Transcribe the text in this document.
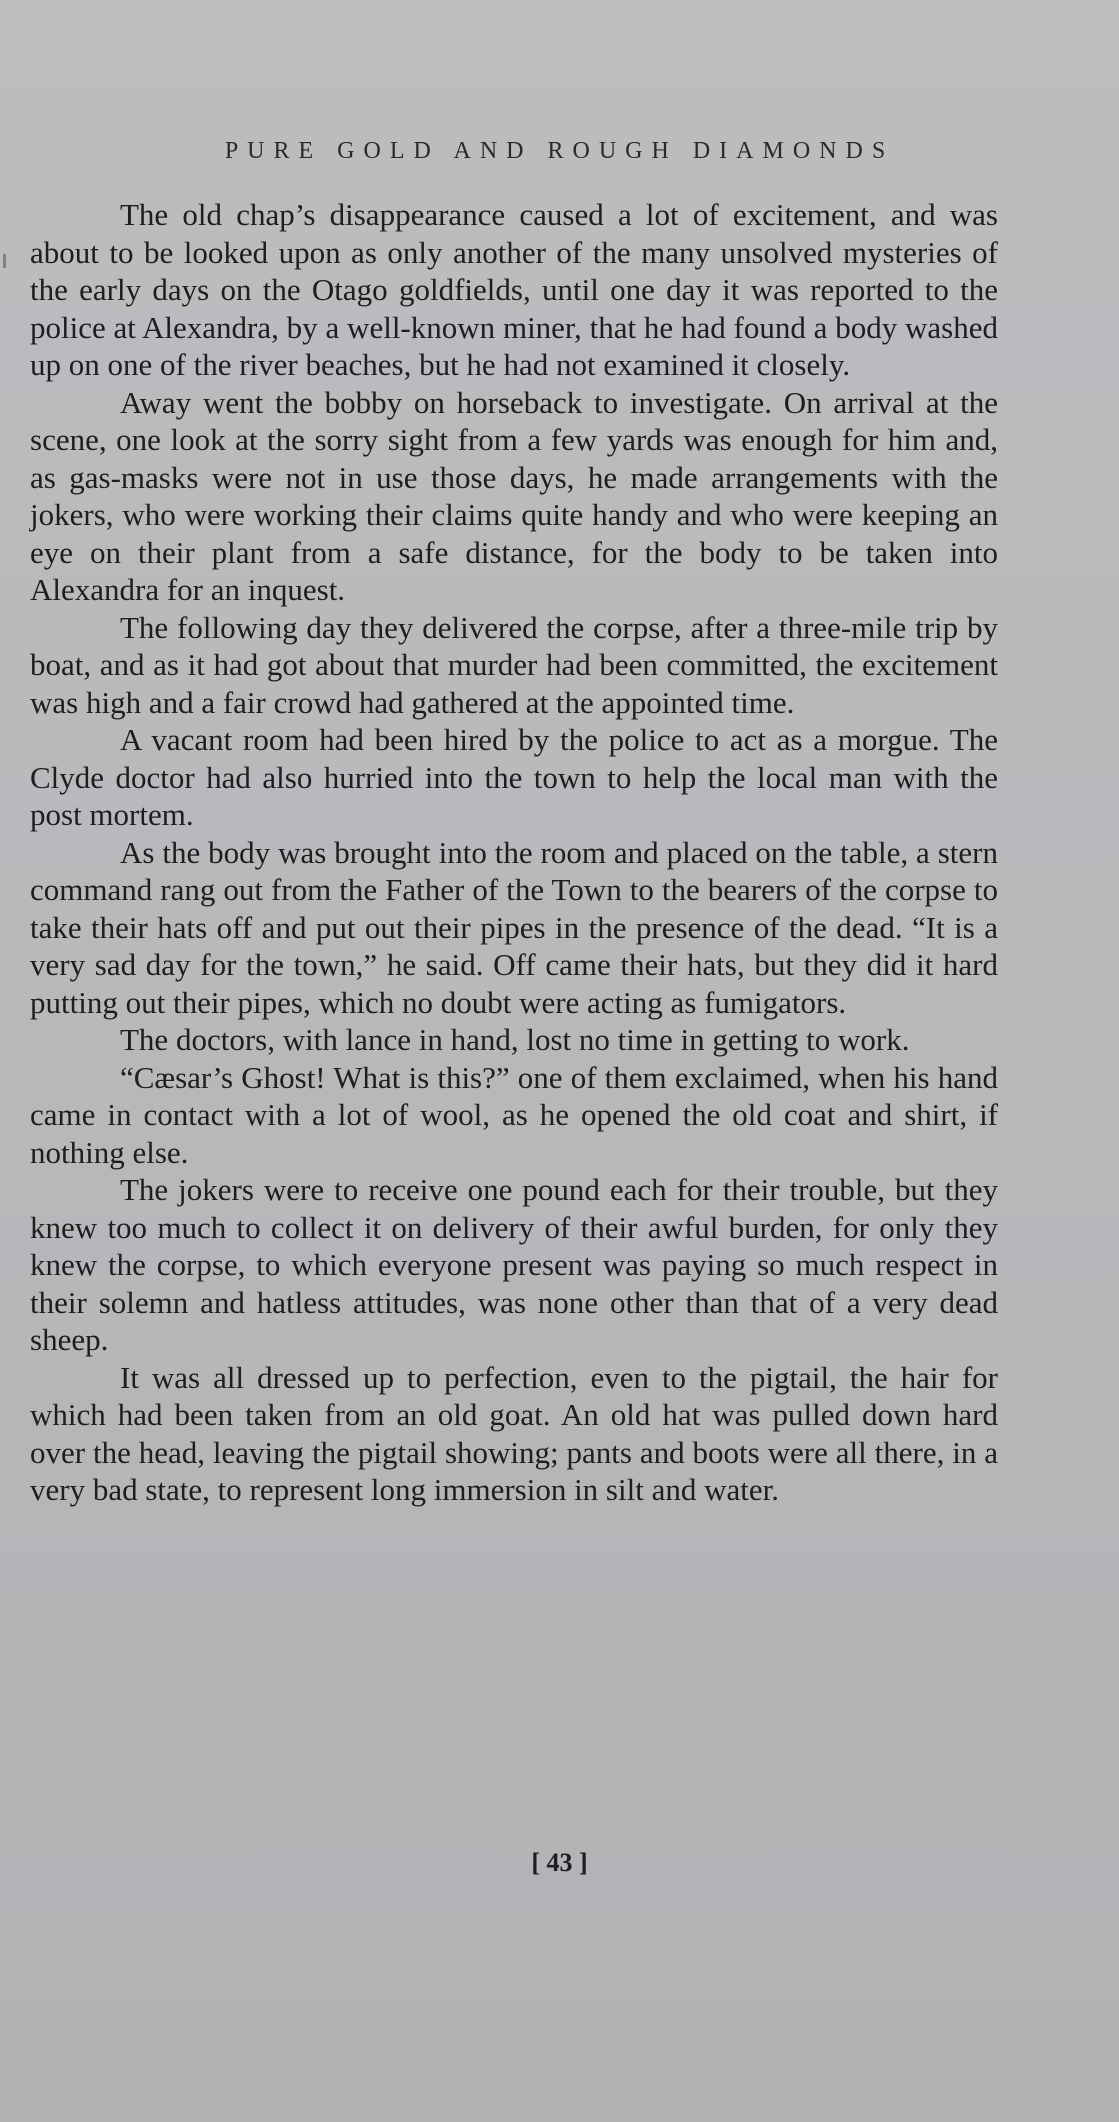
PURE GOLD AND ROUGH DIAMONDS

The old chap’s disappearance caused a lot of excitement, and was about to be looked upon as only another of the many unsolved mysteries of the early days on the Otago goldfields, until one day it was reported to the police at Alexandra, by a well-known miner, that he had found a body washed up on one of the river beaches, but he had not examined it closely.

Away went the bobby on horseback to investigate. On arrival at the scene, one look at the sorry sight from a few yards was enough for him and, as gas-masks were not in use those days, he made arrangements with the jokers, who were working their claims quite handy and who were keeping an eye on their plant from a safe distance, for the body to be taken into Alexandra for an inquest.

The following day they delivered the corpse, after a three-mile trip by boat, and as it had got about that murder had been committed, the excitement was high and a fair crowd had gathered at the appointed time.

A vacant room had been hired by the police to act as a morgue. The Clyde doctor had also hurried into the town to help the local man with the post mortem.

As the body was brought into the room and placed on the table, a stern command rang out from the Father of the Town to the bearers of the corpse to take their hats off and put out their pipes in the presence of the dead. “It is a very sad day for the town,” he said. Off came their hats, but they did it hard putting out their pipes, which no doubt were acting as fumigators.

The doctors, with lance in hand, lost no time in getting to work.

“Cæsar’s Ghost! What is this?” one of them exclaimed, when his hand came in contact with a lot of wool, as he opened the old coat and shirt, if nothing else.

The jokers were to receive one pound each for their trouble, but they knew too much to collect it on delivery of their awful burden, for only they knew the corpse, to which everyone present was paying so much respect in their solemn and hatless attitudes, was none other than that of a very dead sheep.

It was all dressed up to perfection, even to the pigtail, the hair for which had been taken from an old goat. An old hat was pulled down hard over the head, leaving the pigtail showing; pants and boots were all there, in a very bad state, to represent long immersion in silt and water.

[ 43 ]
